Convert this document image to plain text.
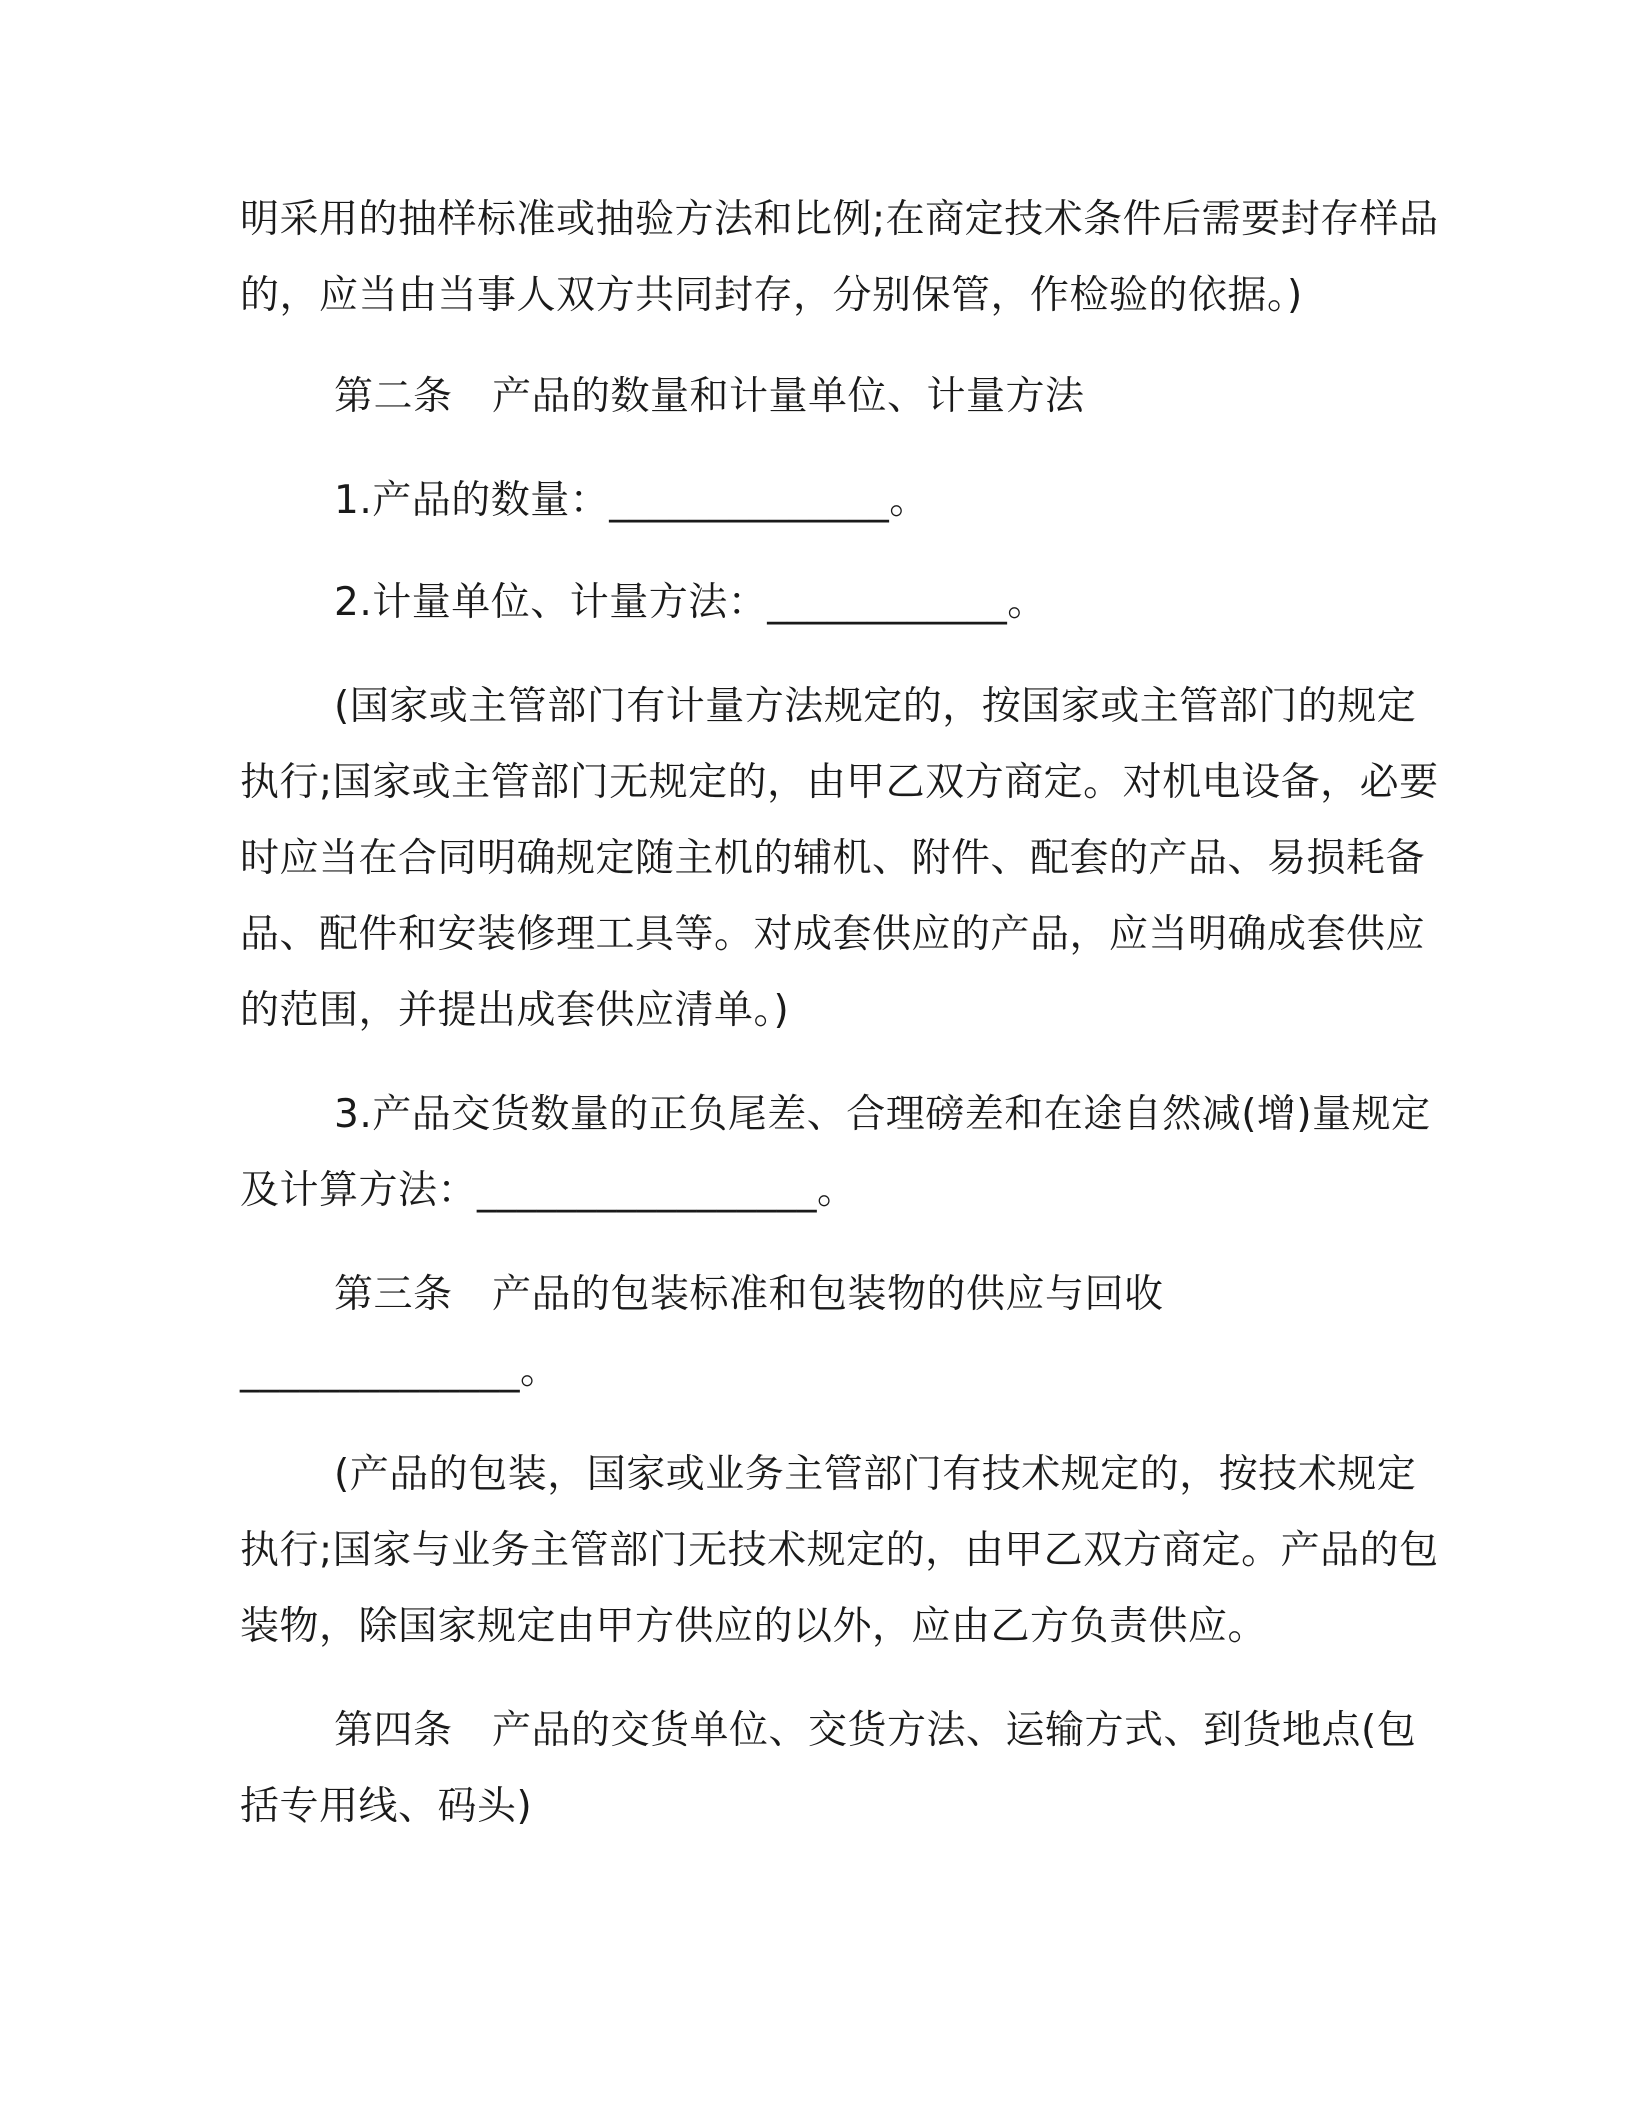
明采用的抽样标准或抽验方法和比例;在商定技术条件后需要封存样品

的，应当由当事人双方共同封存，分别保管，作检验的依据。)

第二条　产品的数量和计量单位、计量方法

1.产品的数量：______________。

2.计量单位、计量方法：____________。

(国家或主管部门有计量方法规定的，按国家或主管部门的规定

执行;国家或主管部门无规定的，由甲乙双方商定。对机电设备，必要

时应当在合同明确规定随主机的辅机、附件、配套的产品、易损耗备

品、配件和安装修理工具等。对成套供应的产品，应当明确成套供应

的范围，并提出成套供应清单。)

3.产品交货数量的正负尾差、合理磅差和在途自然减(增)量规定

及计算方法：_________________。

第三条　产品的包装标准和包装物的供应与回收

______________。

(产品的包装，国家或业务主管部门有技术规定的，按技术规定

执行;国家与业务主管部门无技术规定的，由甲乙双方商定。产品的包

装物，除国家规定由甲方供应的以外，应由乙方负责供应。

第四条　产品的交货单位、交货方法、运输方式、到货地点(包

括专用线、码头)
